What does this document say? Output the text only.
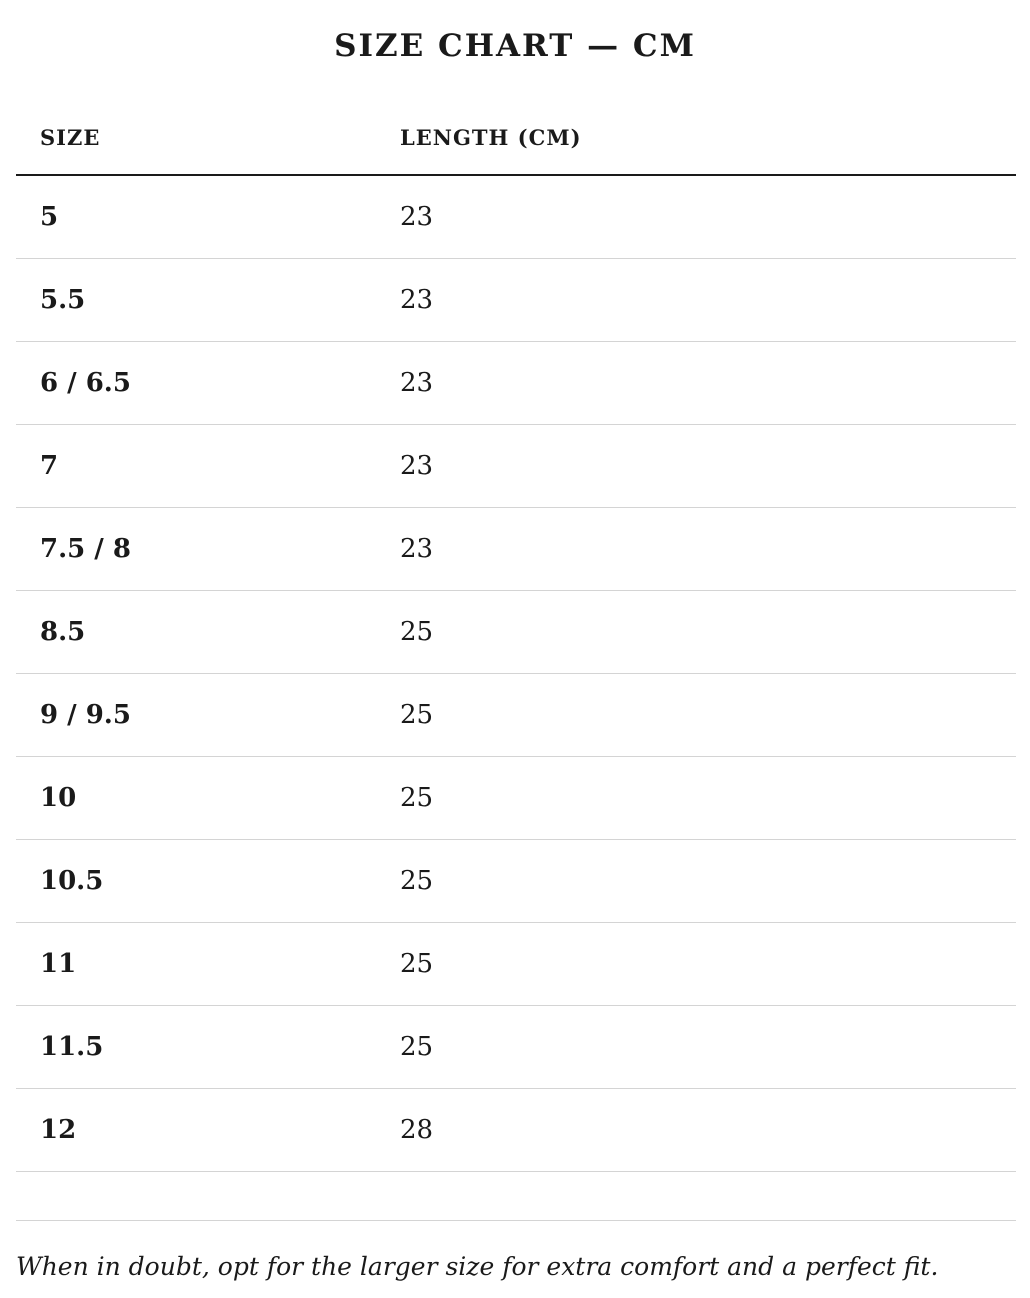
SIZE CHART — CM
SIZE	LENGTH (CM)
5	23
5.5	23
6 / 6.5	23
7	23
7.5 / 8	23
8.5	25
9 / 9.5	25
10	25
10.5	25
11	25
11.5	25
12	28

When in doubt, opt for the larger size for extra comfort and a perfect fit.
